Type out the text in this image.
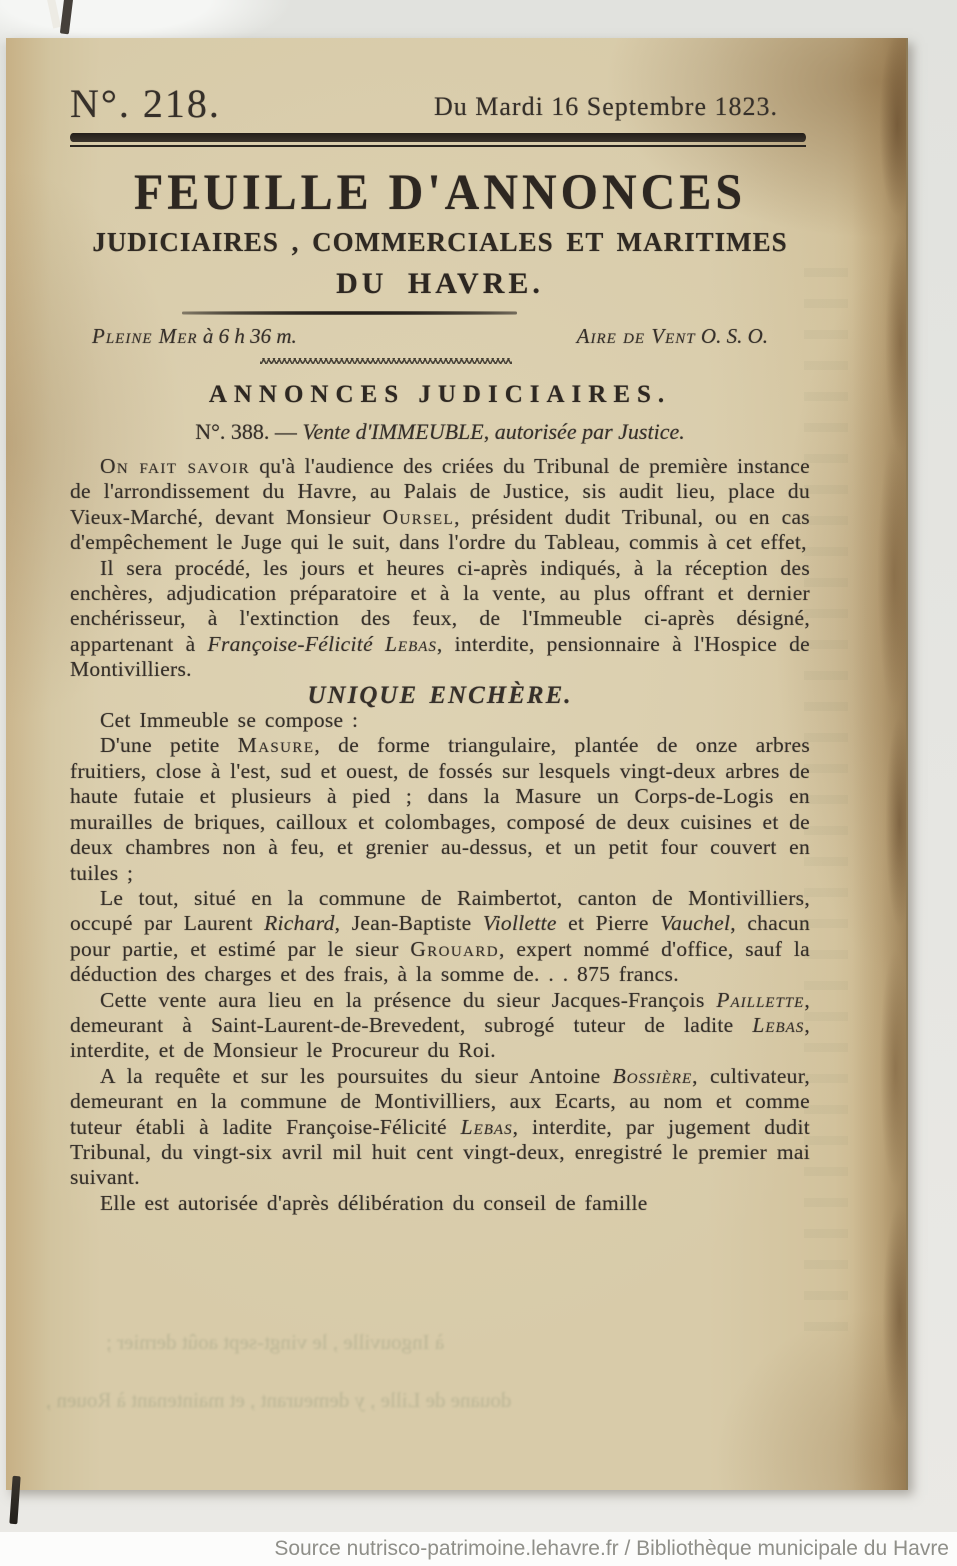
N°. 218.	Du Mardi 16 Septembre 1823.
FEUILLE D'ANNONCES
JUDICIAIRES , COMMERCIALES ET MARITIMES
DU HAVRE.
Pleine Mer à 6 h 36 m.	Aire de Vent O. S. O.
ANNONCES JUDICIAIRES.

N°. 388. — Vente d'IMMEUBLE, autorisée par Justice.

On fait savoir qu'à l'audience des criées du Tribunal de première instance de l'arrondissement du Havre, au Palais de Justice, sis audit lieu, place du Vieux-Marché, devant Monsieur Oursel, président dudit Tribunal, ou en cas d'empêchement le Juge qui le suit, dans l'ordre du Tableau, commis à cet effet,

Il sera procédé, les jours et heures ci-après indiqués, à la réception des enchères, adjudication préparatoire et à la vente, au plus offrant et dernier enchérisseur, à l'extinction des feux, de l'Immeuble ci-après désigné, appartenant à Françoise-Félicité Lebas, interdite, pensionnaire à l'Hospice de Montivilliers.

UNIQUE ENCHÈRE.

Cet Immeuble se compose :

D'une petite Masure, de forme triangulaire, plantée de onze arbres fruitiers, close à l'est, sud et ouest, de fossés sur lesquels vingt-deux arbres de haute futaie et plusieurs à pied ; dans la Masure un Corps-de-Logis en murailles de briques, cailloux et colombages, composé de deux cuisines et de deux chambres non à feu, et grenier au-dessus, et un petit four couvert en tuiles ;

Le tout, situé en la commune de Raimbertot, canton de Montivilliers, occupé par Laurent Richard, Jean-Baptiste Viollette et Pierre Vauchel, chacun pour partie, et estimé par le sieur Grouard, expert nommé d'office, sauf la déduction des charges et des frais, à la somme de. . . 875 francs.

Cette vente aura lieu en la présence du sieur Jacques-François Paillette, demeurant à Saint-Laurent-de-Brevedent, subrogé tuteur de ladite Lebas, interdite, et de Monsieur le Procureur du Roi.

A la requête et sur les poursuites du sieur Antoine Bossière, cultivateur, demeurant en la commune de Montivilliers, aux Ecarts, au nom et comme tuteur établi à ladite Françoise-Félicité Lebas, interdite, par jugement dudit Tribunal, du vingt-six avril mil huit cent vingt-deux, enregistré le premier mai suivant.

Elle est autorisée d'après délibération du conseil de famille

à Ingouville , le vingt-sept août dernier ;
douane de Lille , y demeurant , et maintenant à Rouen ,
Source nutrisco-patrimoine.lehavre.fr / Bibliothèque municipale du Havre
